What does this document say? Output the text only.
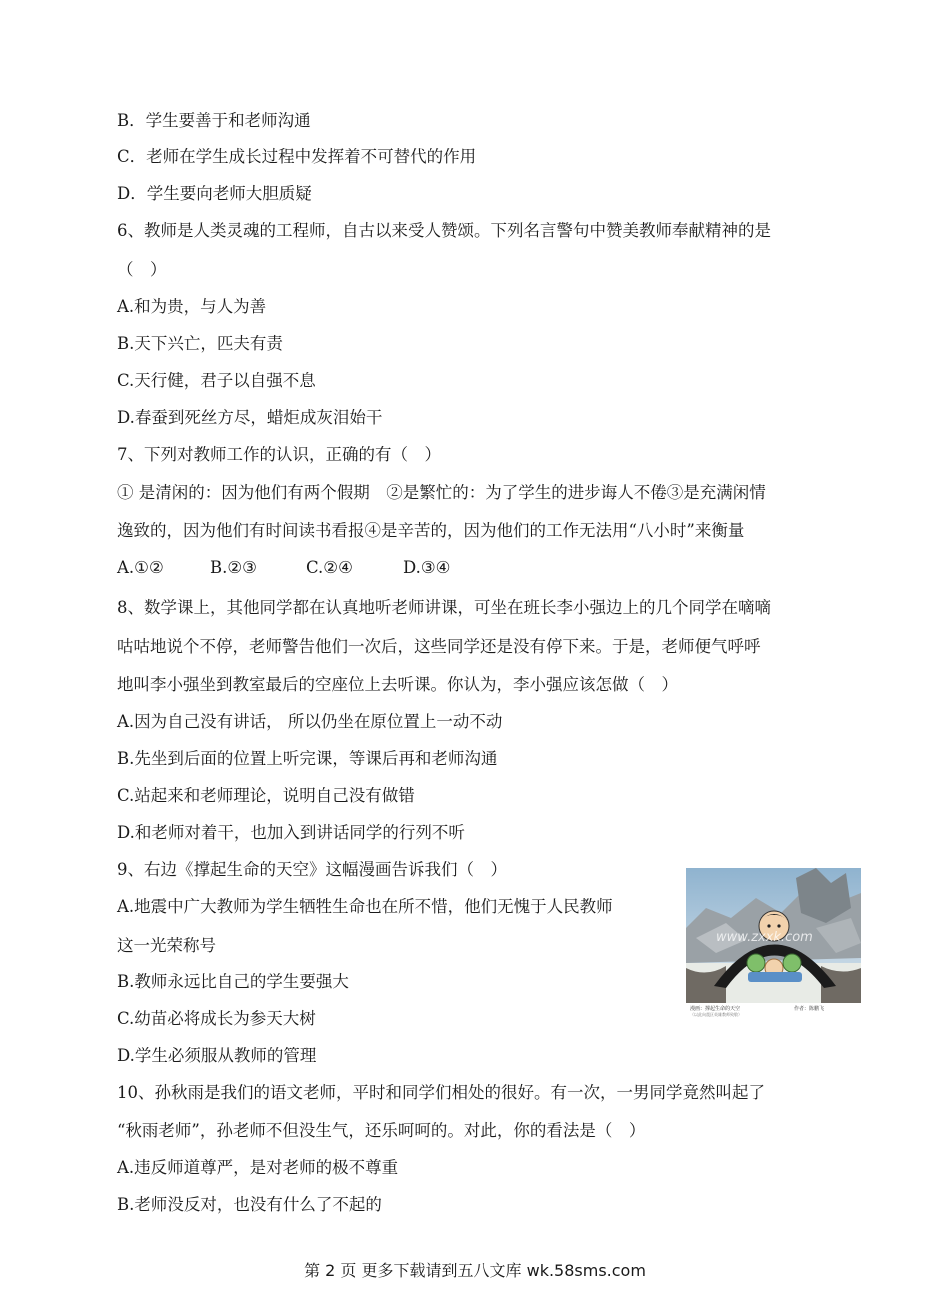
B．学生要善于和老师沟通
C．老师在学生成长过程中发挥着不可替代的作用
D．学生要向老师大胆质疑
6、教师是人类灵魂的工程师，自古以来受人赞颂。下列名言警句中赞美教师奉献精神的是
（　）
A.和为贵，与人为善
B.天下兴亡，匹夫有责
C.天行健，君子以自强不息
D.春蚕到死丝方尽，蜡炬成灰泪始干
7、下列对教师工作的认识，正确的有（　）
① 是清闲的：因为他们有两个假期　②是繁忙的：为了学生的进步诲人不倦③是充满闲情
逸致的，因为他们有时间读书看报④是辛苦的，因为他们的工作无法用“八小时”来衡量
A.①②	B.②③	C.②④	D.③④
8、数学课上，其他同学都在认真地听老师讲课，可坐在班长李小强边上的几个同学在嘀嘀
咕咕地说个不停，老师警告他们一次后，这些同学还是没有停下来。于是，老师便气呼呼
地叫李小强坐到教室最后的空座位上去听课。你认为，李小强应该怎做（　）
A.因为自己没有讲话， 所以仍坐在原位置上一动不动
B.先坐到后面的位置上听完课，等课后再和老师沟通
C.站起来和老师理论，说明自己没有做错
D.和老师对着干，也加入到讲话同学的行列不听
9、右边《撑起生命的天空》这幅漫画告诉我们（　）
A.地震中广大教师为学生牺牲生命也在所不惜，他们无愧于人民教师
这一光荣称号
B.教师永远比自己的学生要强大
C.幼苗必将成长为参天大树
D.学生必须服从教师的管理
10、孙秋雨是我们的语文老师，平时和同学们相处的很好。有一次，一男同学竟然叫起了
“秋雨老师”，孙老师不但没生气，还乐呵呵的。对此，你的看法是（　）
A.违反师道尊严，是对老师的极不尊重
B.老师没反对，也没有什么了不起的
www.zxxk.com
漫画：撑起生命的天空
（以此向震区英雄教师致敬）
作者：陈鹏飞
第 2 页 更多下载请到五八文库 wk.58sms.com
